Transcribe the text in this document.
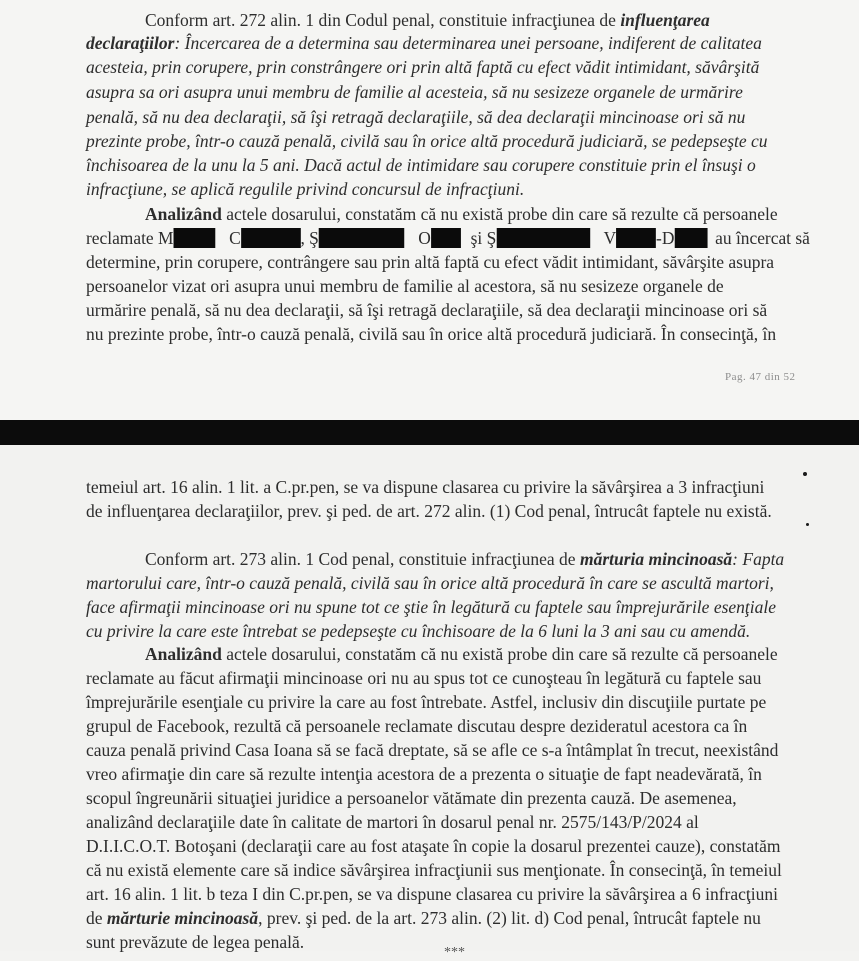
Conform art. 272 alin. 1 din Codul penal, constituie infracţiunea de influenţarea
declaraţiilor: Încercarea de a determina sau determinarea unei persoane, indiferent de calitatea
acesteia, prin corupere, prin constrângere ori prin altă faptă cu efect vădit intimidant, săvârşită
asupra sa ori asupra unui membru de familie al acesteia, să nu sesizeze organele de urmărire
penală, să nu dea declaraţii, să îşi retragă declaraţiile, să dea declaraţii mincinoase ori să nu
prezinte probe, într-o cauză penală, civilă sau în orice altă procedură judiciară, se pedepseşte cu
închisoarea de la unu la 5 ani. Dacă actul de intimidare sau corupere constituie prin el însuşi o
infracţiune, se aplică regulile privind concursul de infracţiuni.
Analizând actele dosarului, constatăm că nu există probe din care să rezulte că persoanele
reclamate M	C	, Ş	O şi Ş	V -D au încercat să
determine, prin corupere, contrângere sau prin altă faptă cu efect vădit intimidant, săvârşite asupra
persoanelor vizat ori asupra unui membru de familie al acestora, să nu sesizeze organele de
urmărire penală, să nu dea declaraţii, să îşi retragă declaraţiile, să dea declaraţii mincinoase ori să
nu prezinte probe, într-o cauză penală, civilă sau în orice altă procedură judiciară. În consecinţă, în
Pag. 47 din 52
temeiul art. 16 alin. 1 lit. a C.pr.pen, se va dispune clasarea cu privire la săvârşirea a 3 infracţiuni
de influenţarea declaraţiilor, prev. şi ped. de art. 272 alin. (1) Cod penal, întrucât faptele nu există.
Conform art. 273 alin. 1 Cod penal, constituie infracţiunea de mărturia mincinoasă: Fapta
martorului care, într-o cauză penală, civilă sau în orice altă procedură în care se ascultă martori,
face afirmaţii mincinoase ori nu spune tot ce ştie în legătură cu faptele sau împrejurările esenţiale
cu privire la care este întrebat se pedepseşte cu închisoare de la 6 luni la 3 ani sau cu amendă.
Analizând actele dosarului, constatăm că nu există probe din care să rezulte că persoanele
reclamate au făcut afirmaţii mincinoase ori nu au spus tot ce cunoşteau în legătură cu faptele sau
împrejurările esenţiale cu privire la care au fost întrebate. Astfel, inclusiv din discuţiile purtate pe
grupul de Facebook, rezultă că persoanele reclamate discutau despre dezideratul acestora ca în
cauza penală privind Casa Ioana să se facă dreptate, să se afle ce s-a întâmplat în trecut, neexistând
vreo afirmaţie din care să rezulte intenţia acestora de a prezenta o situaţie de fapt neadevărată, în
scopul îngreunării situaţiei juridice a persoanelor vătămate din prezenta cauză. De asemenea,
analizând declaraţiile date în calitate de martori în dosarul penal nr. 2575/143/P/2024 al
D.I.I.C.O.T. Botoşani (declaraţii care au fost ataşate în copie la dosarul prezentei cauze), constatăm
că nu există elemente care să indice săvârşirea infracţiunii sus menţionate. În consecinţă, în temeiul
art. 16 alin. 1 lit. b teza I din C.pr.pen, se va dispune clasarea cu privire la săvârşirea a 6 infracţiuni
de mărturie mincinoasă, prev. şi ped. de la art. 273 alin. (2) lit. d) Cod penal, întrucât faptele nu
sunt prevăzute de legea penală.
***
